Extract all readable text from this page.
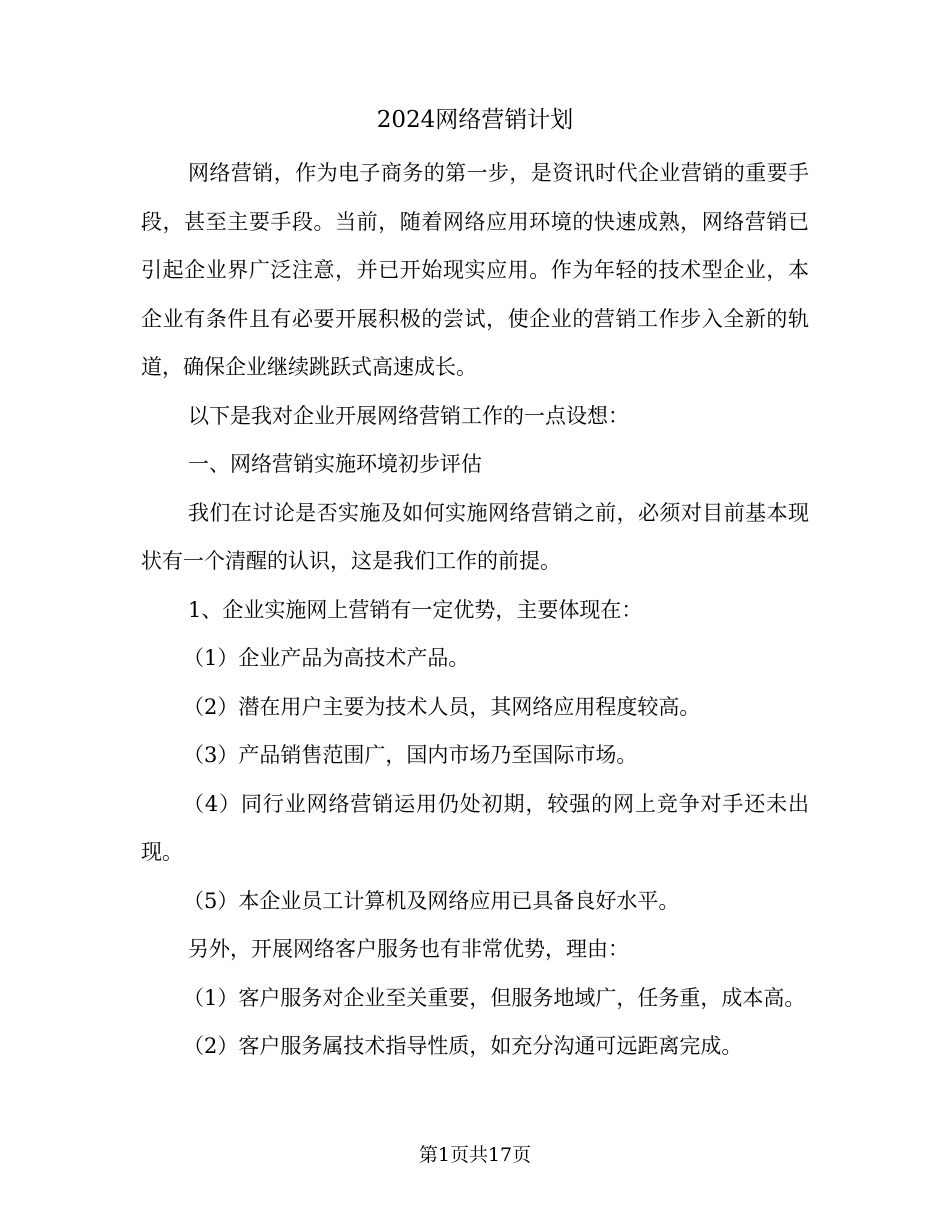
2024网络营销计划

网络营销，作为电子商务的第一步，是资讯时代企业营销的重要手段，甚至主要手段。当前，随着网络应用环境的快速成熟，网络营销已引起企业界广泛注意，并已开始现实应用。作为年轻的技术型企业，本企业有条件且有必要开展积极的尝试，使企业的营销工作步入全新的轨道，确保企业继续跳跃式高速成长。

以下是我对企业开展网络营销工作的一点设想：

一、网络营销实施环境初步评估

我们在讨论是否实施及如何实施网络营销之前，必须对目前基本现状有一个清醒的认识，这是我们工作的前提。

1、企业实施网上营销有一定优势，主要体现在：

（1）企业产品为高技术产品。

（2）潜在用户主要为技术人员，其网络应用程度较高。

（3）产品销售范围广，国内市场乃至国际市场。

（4）同行业网络营销运用仍处初期，较强的网上竞争对手还未出现。

（5）本企业员工计算机及网络应用已具备良好水平。

另外，开展网络客户服务也有非常优势，理由：

（1）客户服务对企业至关重要，但服务地域广，任务重，成本高。

（2）客户服务属技术指导性质，如充分沟通可远距离完成。

第1页共17页
